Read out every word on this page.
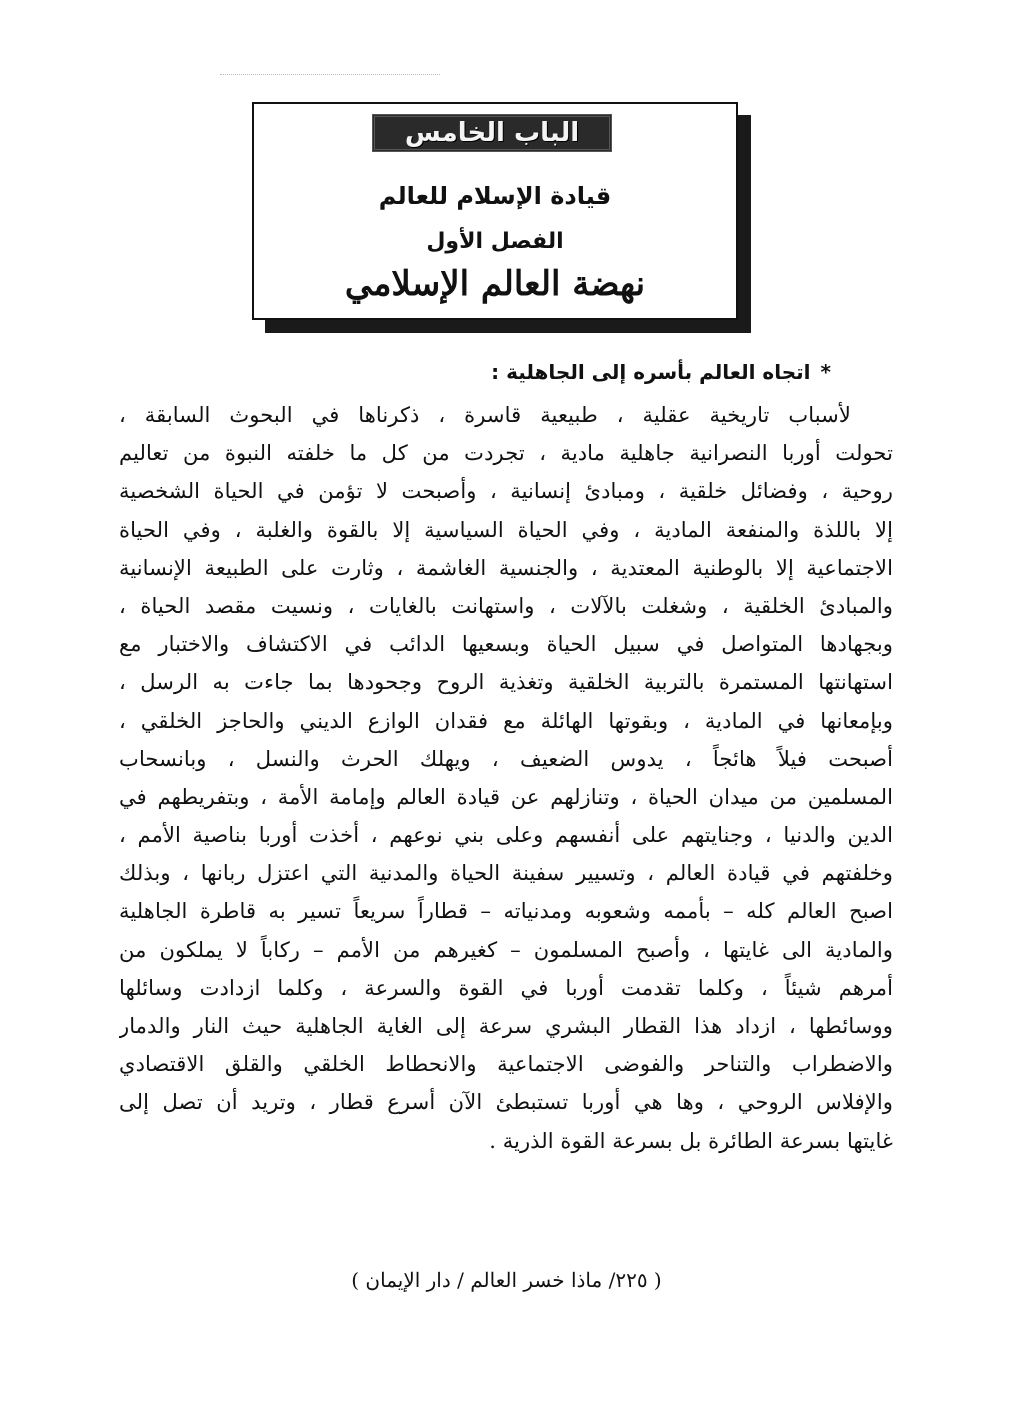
الباب الخامس
قيادة الإسلام للعالم
الفصل الأول
نهضة العالم الإسلامي
*اتجاه العالم بأسره إلى الجاهلية :
لأسباب تاريخية عقلية ، طبيعية قاسرة ، ذكرناها في البحوث السابقة ،
تحولت أوربا النصرانية جاهلية مادية ، تجردت من كل ما خلفته النبوة من تعاليم
روحية ، وفضائل خلقية ، ومبادئ إنسانية ، وأصبحت لا تؤمن في الحياة الشخصية
إلا باللذة والمنفعة المادية ، وفي الحياة السياسية إلا بالقوة والغلبة ، وفي الحياة
الاجتماعية إلا بالوطنية المعتدية ، والجنسية الغاشمة ، وثارت على الطبيعة الإنسانية
والمبادئ الخلقية ، وشغلت بالآلات ، واستهانت بالغايات ، ونسيت مقصد الحياة ،
وبجهادها المتواصل في سبيل الحياة وبسعيها الدائب في الاكتشاف والاختبار مع
استهانتها المستمرة بالتربية الخلقية وتغذية الروح وجحودها بما جاءت به الرسل ،
وبإمعانها في المادية ، وبقوتها الهائلة مع فقدان الوازع الديني والحاجز الخلقي ،
أصبحت فيلاً هائجاً ، يدوس الضعيف ، ويهلك الحرث والنسل ، وبانسحاب
المسلمين من ميدان الحياة ، وتنازلهم عن قيادة العالم وإمامة الأمة ، وبتفريطهم في
الدين والدنيا ، وجنايتهم على أنفسهم وعلى بني نوعهم ، أخذت أوربا بناصية الأمم ،
وخلفتهم في قيادة العالم ، وتسيير سفينة الحياة والمدنية التي اعتزل ربانها ، وبذلك
اصبح العالم كله – بأممه وشعوبه ومدنياته – قطاراً سريعاً تسير به قاطرة الجاهلية
والمادية الى غايتها ، وأصبح المسلمون – كغيرهم من الأمم – ركاباً لا يملكون من
أمرهم شيئاً ، وكلما تقدمت أوربا في القوة والسرعة ، وكلما ازدادت وسائلها
ووسائطها ، ازداد هذا القطار البشري سرعة إلى الغاية الجاهلية حيث النار والدمار
والاضطراب والتناحر والفوضى الاجتماعية والانحطاط الخلقي والقلق الاقتصادي
والإفلاس الروحي ، وها هي أوربا تستبطئ الآن أسرع قطار ، وتريد أن تصل إلى
غايتها بسرعة الطائرة بل بسرعة القوة الذرية .
( ٢٢٥/ ماذا خسر العالم / دار الإيمان )
